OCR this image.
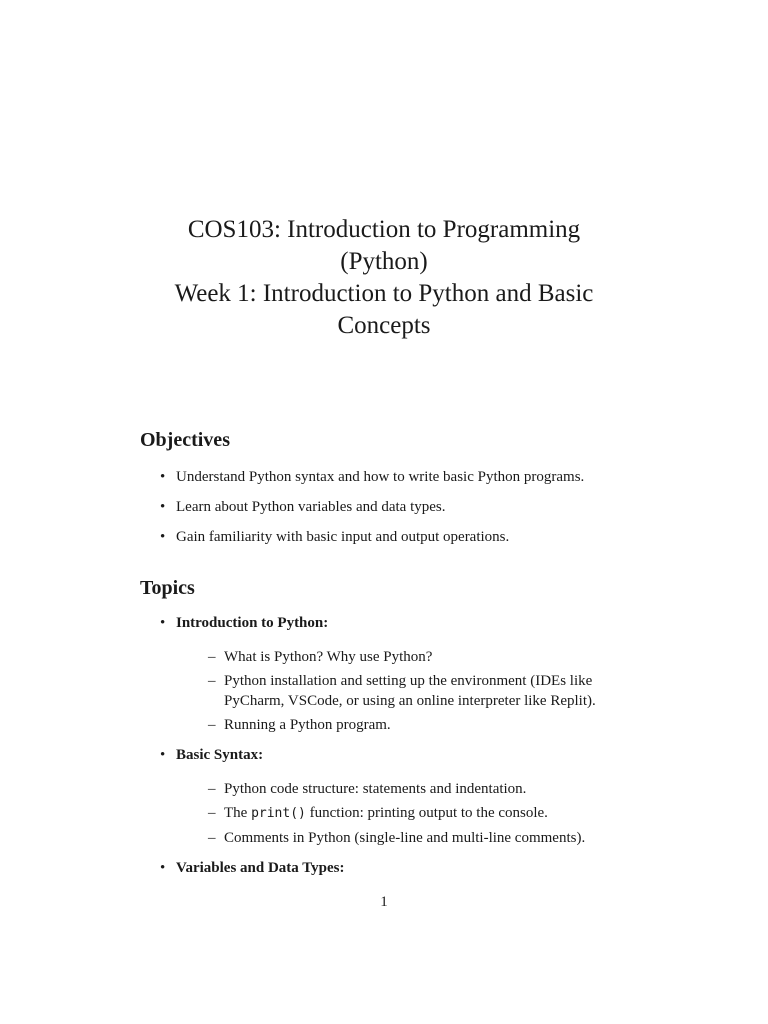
COS103: Introduction to Programming
(Python)
Week 1: Introduction to Python and Basic
Concepts
Objectives
• Understand Python syntax and how to write basic Python programs.
• Learn about Python variables and data types.
• Gain familiarity with basic input and output operations.
Topics
• Introduction to Python:
– What is Python? Why use Python?
– Python installation and setting up the environment (IDEs like PyCharm, VSCode, or using an online interpreter like Replit).
– Running a Python program.
• Basic Syntax:
– Python code structure: statements and indentation.
– The print() function: printing output to the console.
– Comments in Python (single-line and multi-line comments).
• Variables and Data Types:
1
